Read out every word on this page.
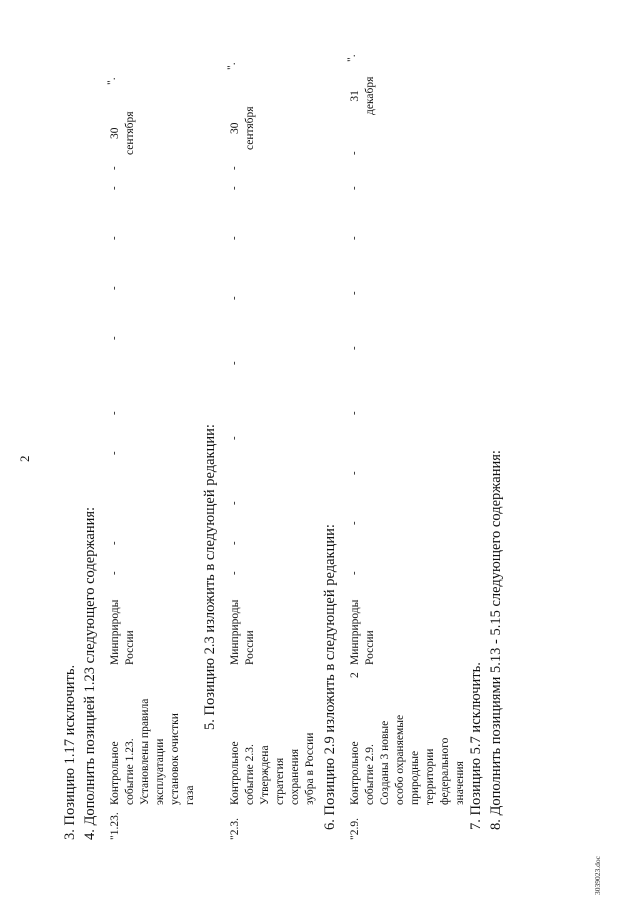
2
3. Позицию 1.17 исключить. 4. Дополнить позицией 1.23 следующего содержания: "1.23.
Контрольное событие 1.23. Установлены правила эксплуатации установок очистки газа
Минприроды России
-
-
-
-
-
-
-
-
-
30 сентября
".
5. Позицию 2.3 изложить в следующей редакции:
"2.3.
Контрольное событие 2.3. Утверждена стратегия сохранения зубра в России
Минприроды России
-
-
-
-
-
-
-
-
-
30 сентября
".
6. Позицию 2.9 изложить в следующей редакции: "2.9.
Контрольное событие 2.9. Созданы 3 новые особо охраняемые природные территории федерального значения
2
Минприроды России
-
-
-
-
-
-
-
-
-
31 декабря
".
7. Позицию 5.7 исключить. 8. Дополнить позициями 5.13 - 5.15 следующего содержания:
3039023.doc
